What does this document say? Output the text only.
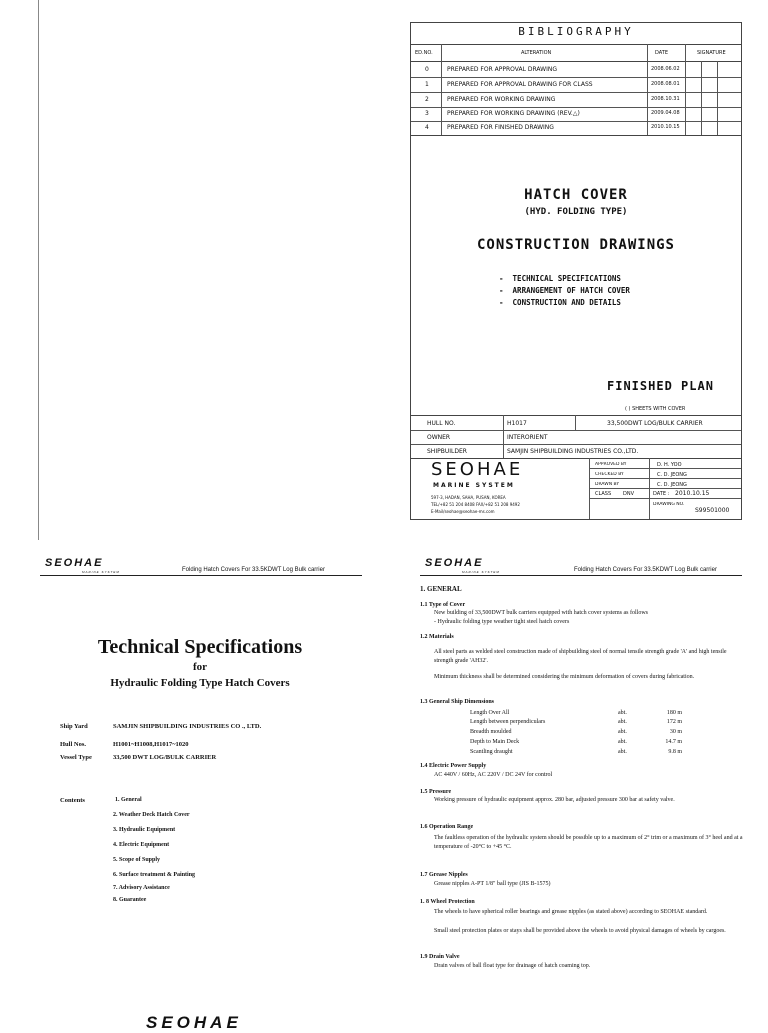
BIBLIOGRAPHY
ED.NO.	ALTERATION	DATE	SIGNATURE
0	PREPARED FOR APPROVAL DRAWING	2008.06.02
1	PREPARED FOR APPROVAL DRAWING FOR CLASS	2008.08.01
2	PREPARED FOR WORKING DRAWING	2008.10.31
3	PREPARED FOR WORKING DRAWING (REV.△)	2009.04.08
4	PREPARED FOR FINISHED DRAWING	2010.10.15
HATCH COVER
(HYD. FOLDING TYPE)
CONSTRUCTION DRAWINGS
-  TECHNICAL SPECIFICATIONS
-  ARRANGEMENT OF HATCH COVER
-  CONSTRUCTION AND DETAILS
FINISHED PLAN
( ) SHEETS WITH COVER
HULL NO.	H1017	33,500DWT LOG/BULK CARRIER
OWNER	INTERORIENT
SHIPBUILDER	SAMJIN SHIPBUILDING INDUSTRIES CO.,LTD.
SEOHAE
MARINE SYSTEM
597-3, HADAN, SAHA, PUSAN, KOREA
TEL/+82 51 204 8408 FAX/+82 51 208 9492
E-Mail/seohae@seohae-ms.com
APPROVED BY	D. H. YOO
CHECKED BY	C. D. JEONG
DRAWN BY	C. D. JEONG
CLASS DNV	DATE : 2010.10.15
DRAWING NO.
S99501000
SEOHAE
MARINE SYSTEM	Folding Hatch Covers For 33.5KDWT Log Bulk carrier
Technical Specifications
for
Hydraulic Folding Type Hatch Covers
Ship Yard	SAMJIN SHIPBUILDING INDUSTRIES CO ., LTD.
Hull Nos.	H1001~H1008,H1017~1020
Vessel Type	33,500 DWT LOG/BULK CARRIER
Contents	1. General
2. Weather Deck Hatch Cover
3. Hydraulic Equipment
4. Electric Equipment
5. Scope of Supply
6. Surface treatment & Painting
7. Advisory Assistance
8. Guarantee
SEOHAE
SEOHAE
MARINE SYSTEM	Folding Hatch Covers For 33.5KDWT Log Bulk carrier
1. GENERAL
1.1 Type of Cover
New building of 33,500DWT bulk carriers equipped with hatch cover systems as follows
- Hydraulic folding type weather tight steel hatch covers
1.2 Materials
All steel parts as welded steel construction made of shipbuilding steel of normal tensile strength grade 'A' and high tensile strength grade 'AH32'.
Minimum thickness shall be determined considering the minimum deformation of covers during fabrication.
1.3 General Ship Dimensions
Length Over All	abt.	180 m
Length between perpendiculars	abt.	172 m
Breadth moulded	abt.	30 m
Depth to Main Deck	abt.	14.7 m
Scantling draught	abt.	9.8 m
1.4 Electric Power Supply
AC 440V / 60Hz, AC 220V / DC 24V for control
1.5 Pressure
Working pressure of hydraulic equipment approx. 280 bar, adjusted pressure 300 bar at safety valve.
1.6 Operation Range
The faultless operation of the hydraulic system should be possible up to a maximum of 2° trim or a maximum of 3° heel and at a temperature of -20°C to +45 °C.
1.7 Grease Nipples
Grease nipples A-PT 1/8" ball type (JIS B-1575)
1. 8 Wheel Protection
The wheels to have spherical roller bearings and grease nipples (as stated above) according to SEOHAE standard.
Small steel protection plates or stays shall be provided above the wheels to avoid physical damages of wheels by cargoes.
1.9 Drain Valve
Drain valves of ball float type for drainage of hatch coaming top.
